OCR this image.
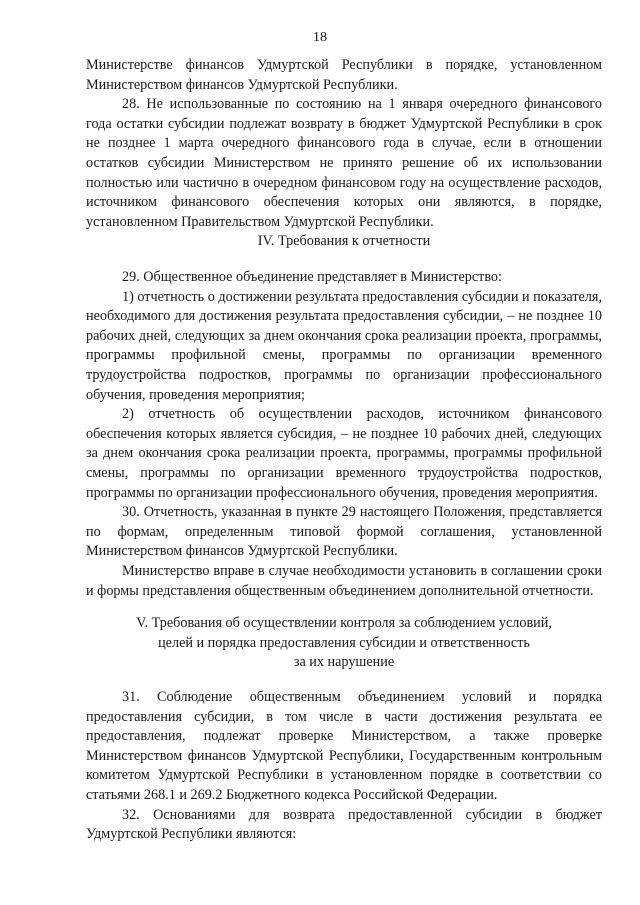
18

Министерстве финансов Удмуртской Республики в порядке, установленном Министерством финансов Удмуртской Республики.

28. Не использованные по состоянию на 1 января очередного финансового года остатки субсидии подлежат возврату в бюджет Удмуртской Республики в срок не позднее 1 марта очередного финансового года в случае, если в отношении остатков субсидии Министерством не принято решение об их использовании полностью или частично в очередном финансовом году на осуществление расходов, источником финансового обеспечения которых они являются, в порядке, установленном Правительством Удмуртской Республики.

IV. Требования к отчетности

29. Общественное объединение представляет в Министерство:

1) отчетность о достижении результата предоставления субсидии и показателя, необходимого для достижения результата предоставления субсидии, – не позднее 10 рабочих дней, следующих за днем окончания срока реализации проекта, программы, программы профильной смены, программы по организации временного трудоустройства подростков, программы по организации профессионального обучения, проведения мероприятия;

2) отчетность об осуществлении расходов, источником финансового обеспечения которых является субсидия, – не позднее 10 рабочих дней, следующих за днем окончания срока реализации проекта, программы, программы профильной смены, программы по организации временного трудоустройства подростков, программы по организации профессионального обучения, проведения мероприятия.

30. Отчетность, указанная в пункте 29 настоящего Положения, представляется по формам, определенным типовой формой соглашения, установленной Министерством финансов Удмуртской Республики.

Министерство вправе в случае необходимости установить в соглашении сроки и формы представления общественным объединением дополнительной отчетности.

V. Требования об осуществлении контроля за соблюдением условий,
целей и порядка предоставления субсидии и ответственность
за их нарушение

31. Соблюдение общественным объединением условий и порядка предоставления субсидии, в том числе в части достижения результата ее предоставления, подлежат проверке Министерством, а также проверке Министерством финансов Удмуртской Республики, Государственным контрольным комитетом Удмуртской Республики в установленном порядке в соответствии со статьями 268.1 и 269.2 Бюджетного кодекса Российской Федерации.

32. Основаниями для возврата предоставленной субсидии в бюджет Удмуртской Республики являются:
